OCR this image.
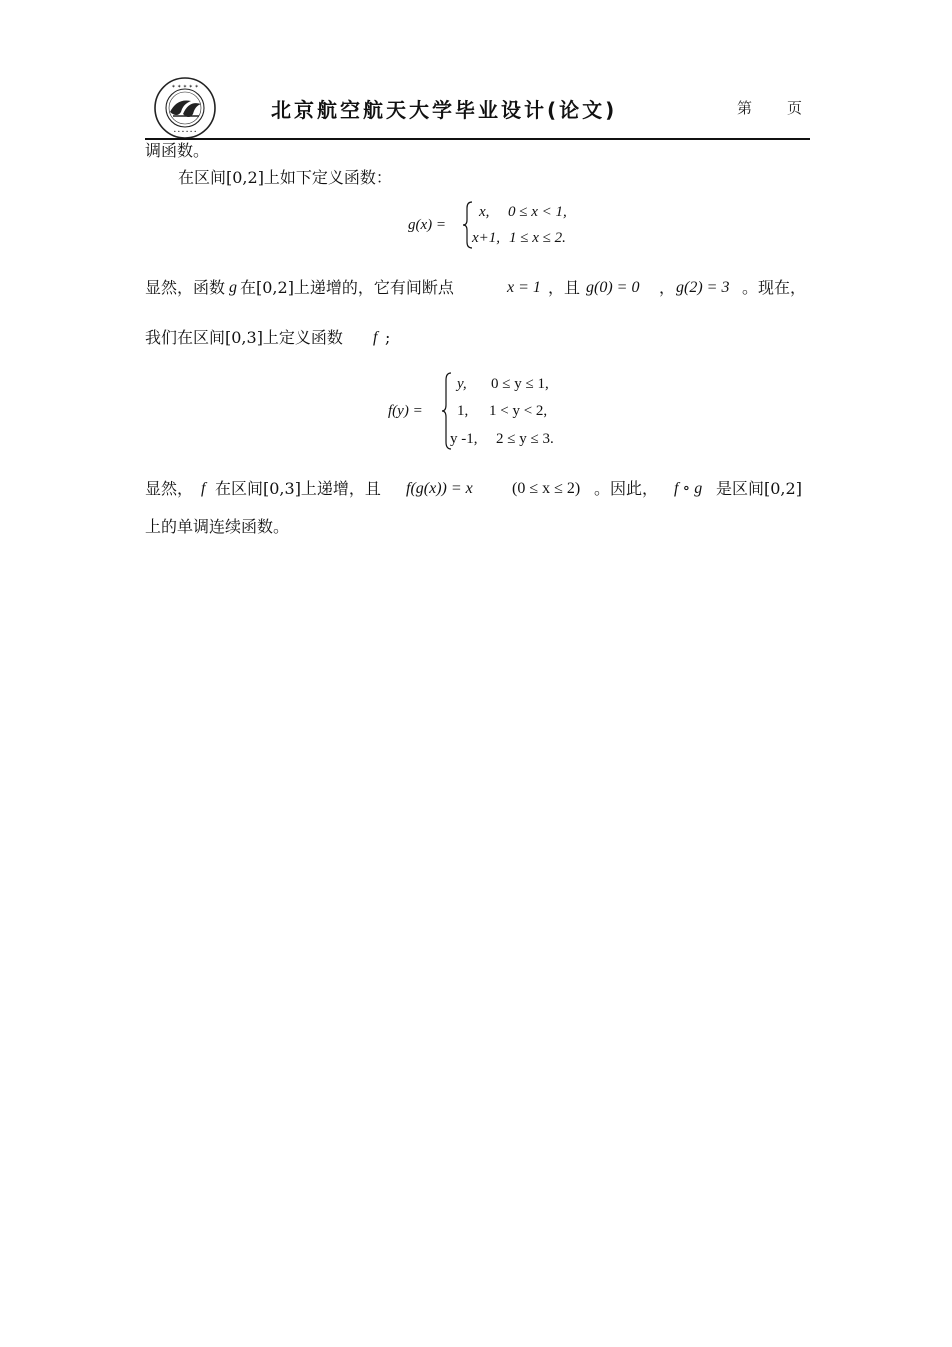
✶ ✶ ✶ ✶ ✶
• • • • • •
北京航空航天大学毕业设计(论文)	第 页
调函数。
在区间[0,2]上如下定义函数：
g(x) =
x, 0 ≤ x < 1,
x+1, 1 ≤ x ≤ 2.
显然，函数 g 在[0,2]上递增的，它有间断点	x = 1 ，且 g(0) = 0 ， g(2) = 3 。现在，
我们在区间[0,3]上定义函数 f ;
f(y) =
y, 0 ≤ y ≤ 1,
1, 1 < y < 2,
y -1, 2 ≤ y ≤ 3.
显然， f 在区间[0,3]上递增，且 f(g(x)) = x (0 ≤ x ≤ 2) 。因此， f ∘ g 是区间[0,2]
上的单调连续函数。
